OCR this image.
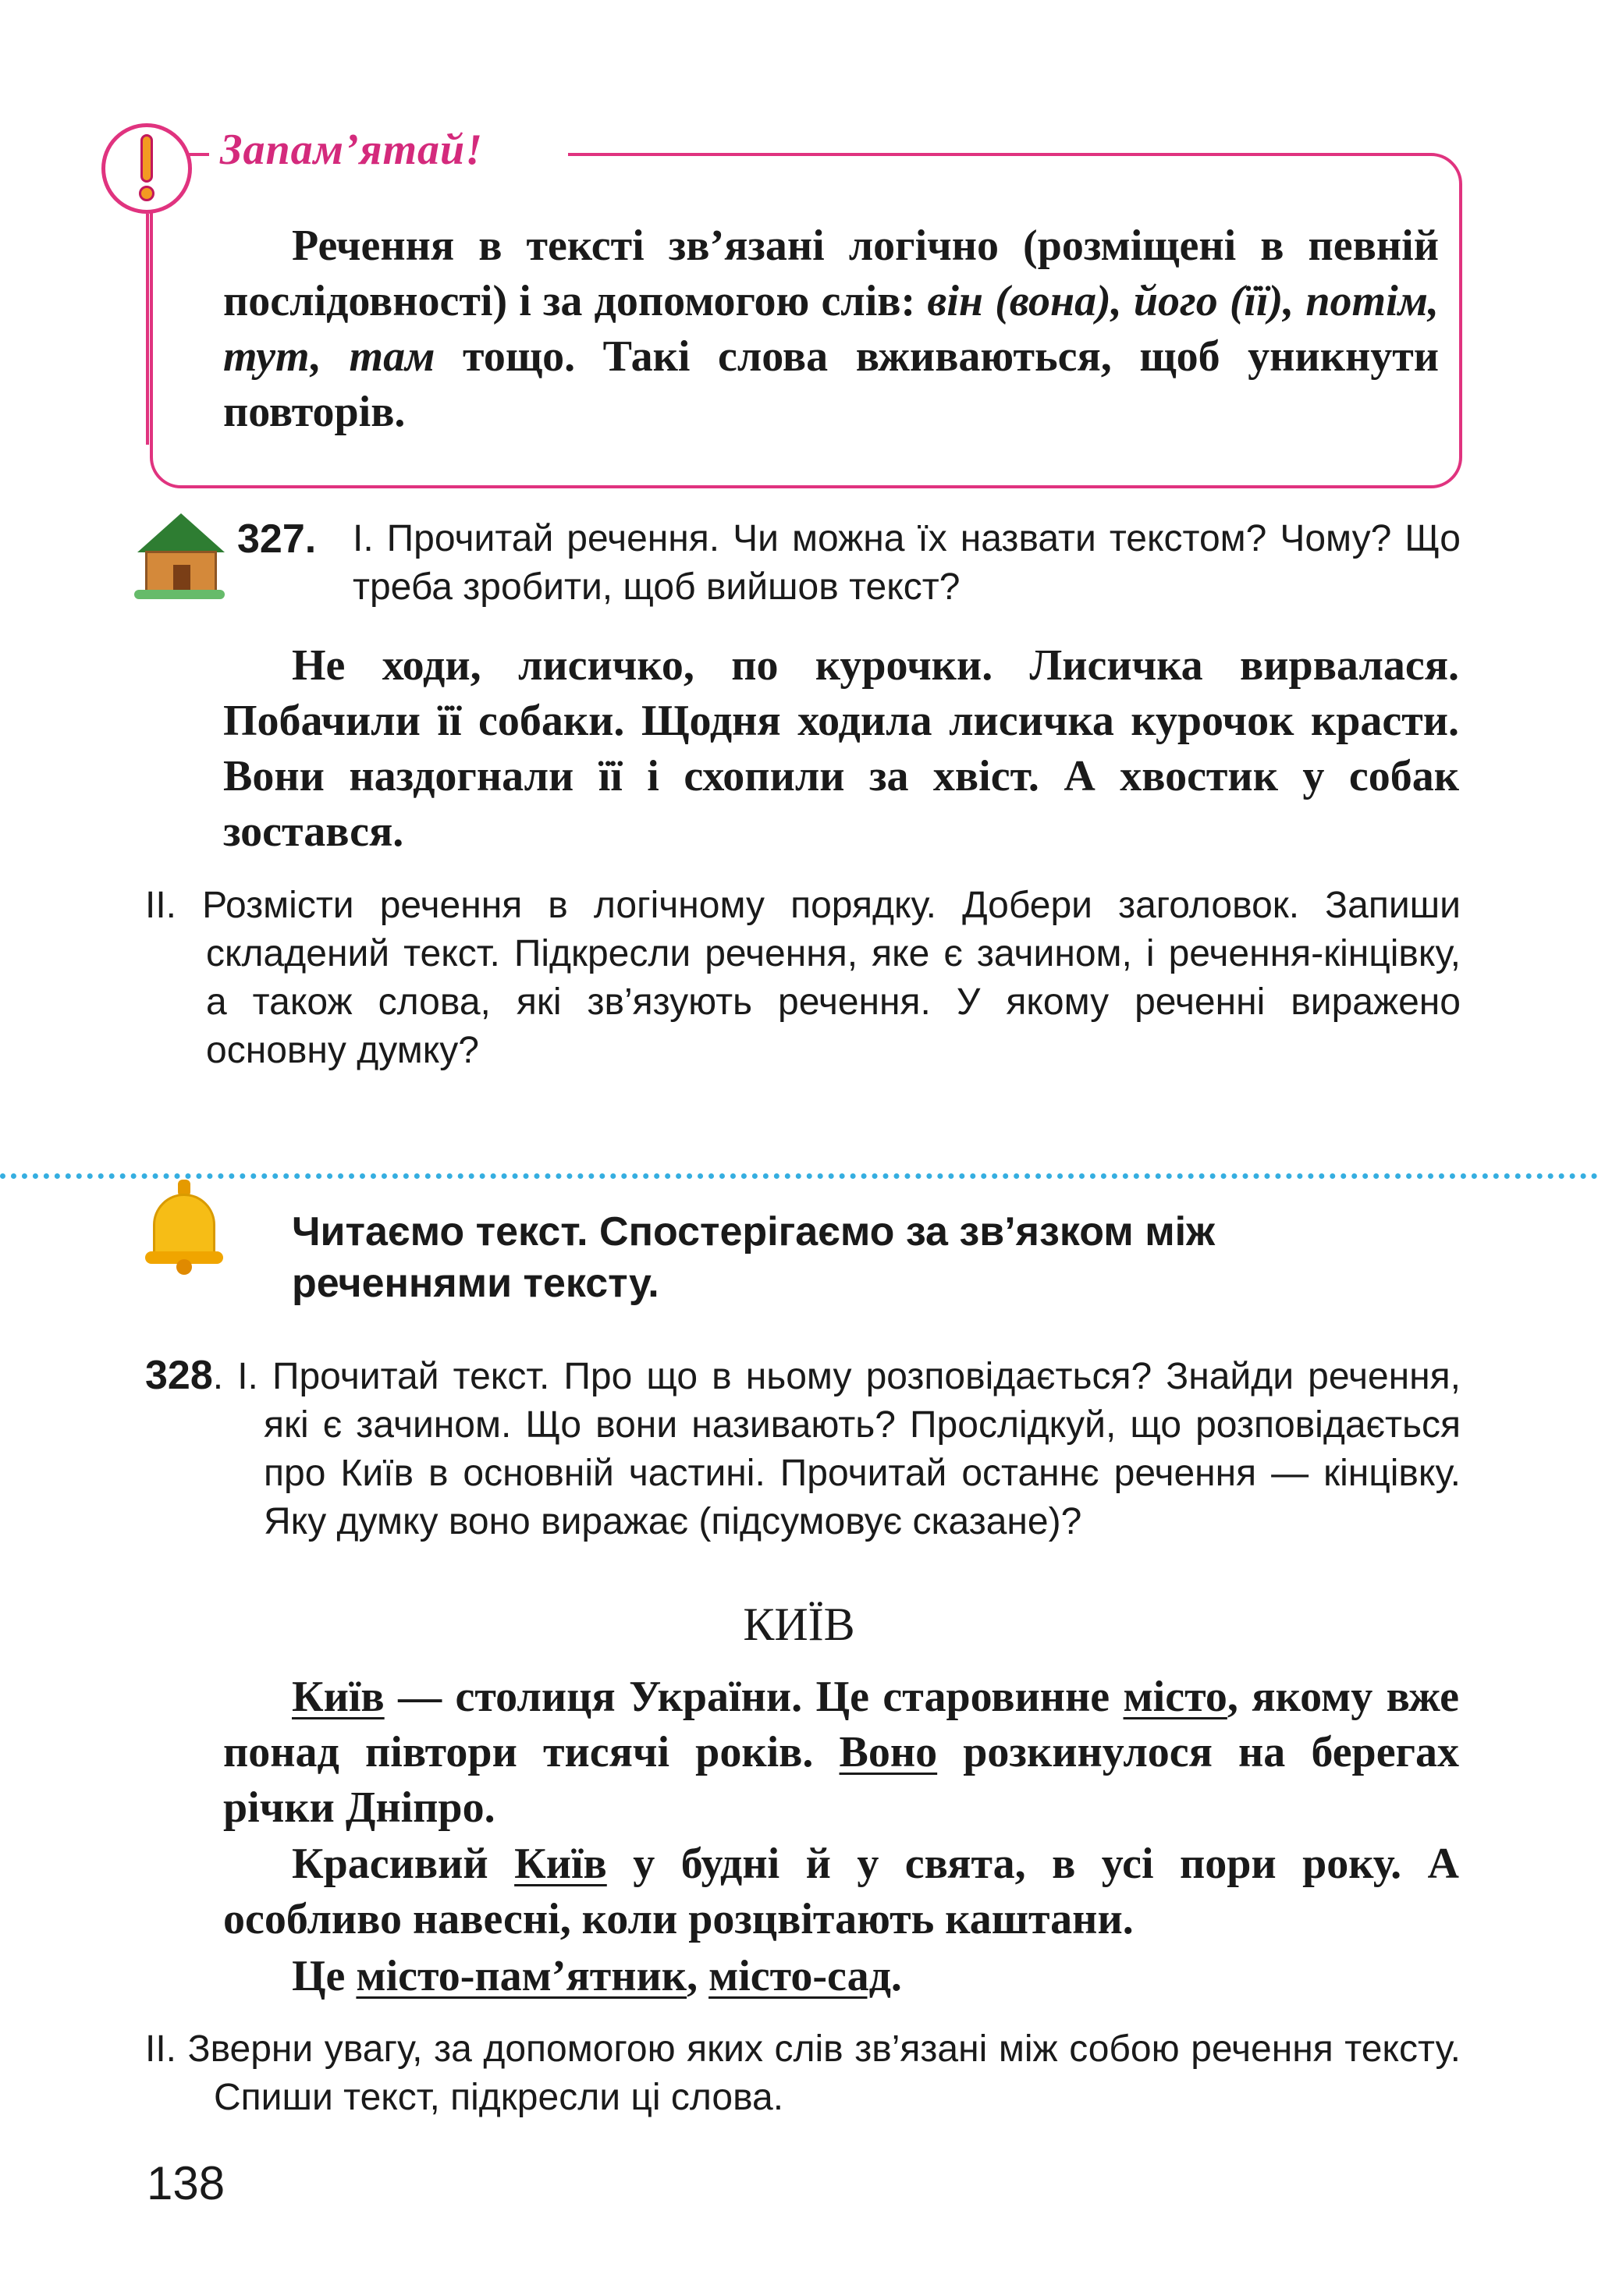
Запам’ятай!
Речення в тексті зв’язані логічно (розміщені в певній послідовності) і за допомогою слів: він (вона), його (її), потім, тут, там тощо. Такі слова вживаються, щоб уникнути повторів.
327. І. Прочитай речення. Чи можна їх назвати текстом? Чому? Що треба зробити, щоб вийшов текст?
Не ходи, лисичко, по курочки. Лисичка вирвалася. Побачили її собаки. Щодня ходила лисичка курочок красти. Вони наздогнали її і схопили за хвіст. А хвостик у собак зостався.
ІІ. Розмісти речення в логічному порядку. Добери заголовок. Запиши складений текст. Підкресли речення, яке є зачином, і речення-кінцівку, а також слова, які зв’язують речення. У якому реченні виражено основну думку?
Читаємо текст. Спостерігаємо за зв’язком між реченнями тексту.
328. І. Прочитай текст. Про що в ньому розповідається? Знайди речення, які є зачином. Що вони називають? Прослідкуй, що розповідається про Київ в основній частині. Прочитай останнє речення — кінцівку. Яку думку воно виражає (підсумовує сказане)?
КИЇВ
Київ — столиця України. Це старовинне місто, якому вже понад півтори тисячі років. Воно розкинулося на берегах річки Дніпро.
Красивий Київ у будні й у свята, в усі пори року. А особливо навесні, коли розцвітають каштани.
Це місто-пам’ятник, місто-сад.
ІІ. Зверни увагу, за допомогою яких слів зв’язані між собою речення тексту. Спиши текст, підкресли ці слова.
138
